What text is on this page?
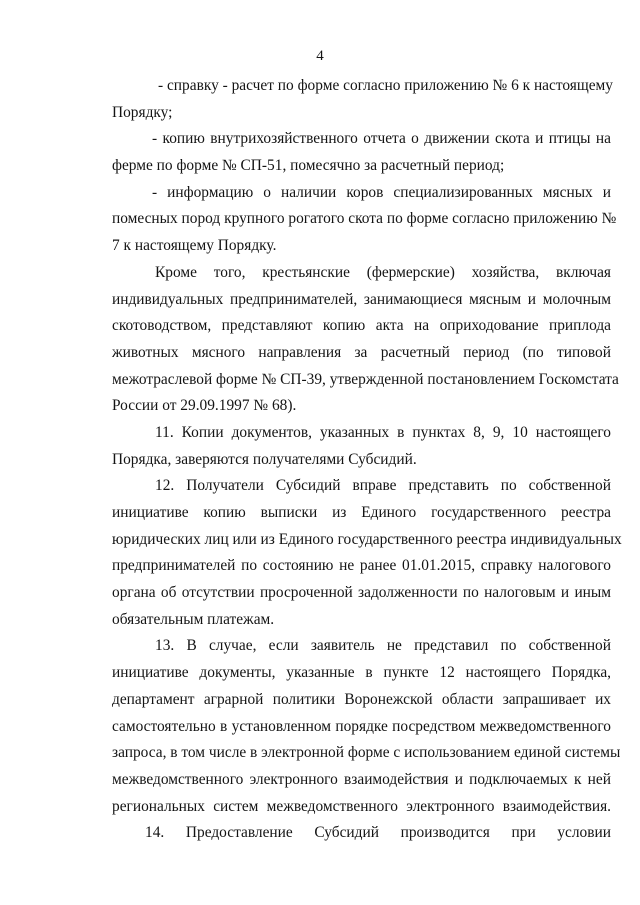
4
- справку - расчет по форме согласно приложению № 6 к настоящему
Порядку;
- копию внутрихозяйственного отчета о движении скота и птицы на
ферме по форме № СП-51, помесячно за расчетный период;
- информацию о наличии коров специализированных мясных и
помесных пород крупного рогатого скота по форме согласно приложению №
7 к настоящему Порядку.
Кроме того, крестьянские (фермерские) хозяйства, включая
индивидуальных предпринимателей, занимающиеся мясным и молочным
скотоводством, представляют копию акта на оприходование приплода
животных мясного направления за расчетный период (по типовой
межотраслевой форме № СП-39, утвержденной постановлением Госкомстата
России от 29.09.1997 № 68).
11. Копии документов, указанных в пунктах 8, 9, 10 настоящего
Порядка, заверяются получателями Субсидий.
12. Получатели Субсидий вправе представить по собственной
инициативе копию выписки из Единого государственного реестра
юридических лиц или из Единого государственного реестра индивидуальных
предпринимателей по состоянию не ранее 01.01.2015, справку налогового
органа об отсутствии просроченной задолженности по налоговым и иным
обязательным платежам.
13. В случае, если заявитель не представил по собственной
инициативе документы, указанные в пункте 12 настоящего Порядка,
департамент аграрной политики Воронежской области запрашивает их
самостоятельно в установленном порядке посредством межведомственного
запроса, в том числе в электронной форме с использованием единой системы
межведомственного электронного взаимодействия и подключаемых к ней
региональных систем межведомственного электронного взаимодействия.
14. Предоставление Субсидий производится при условии
